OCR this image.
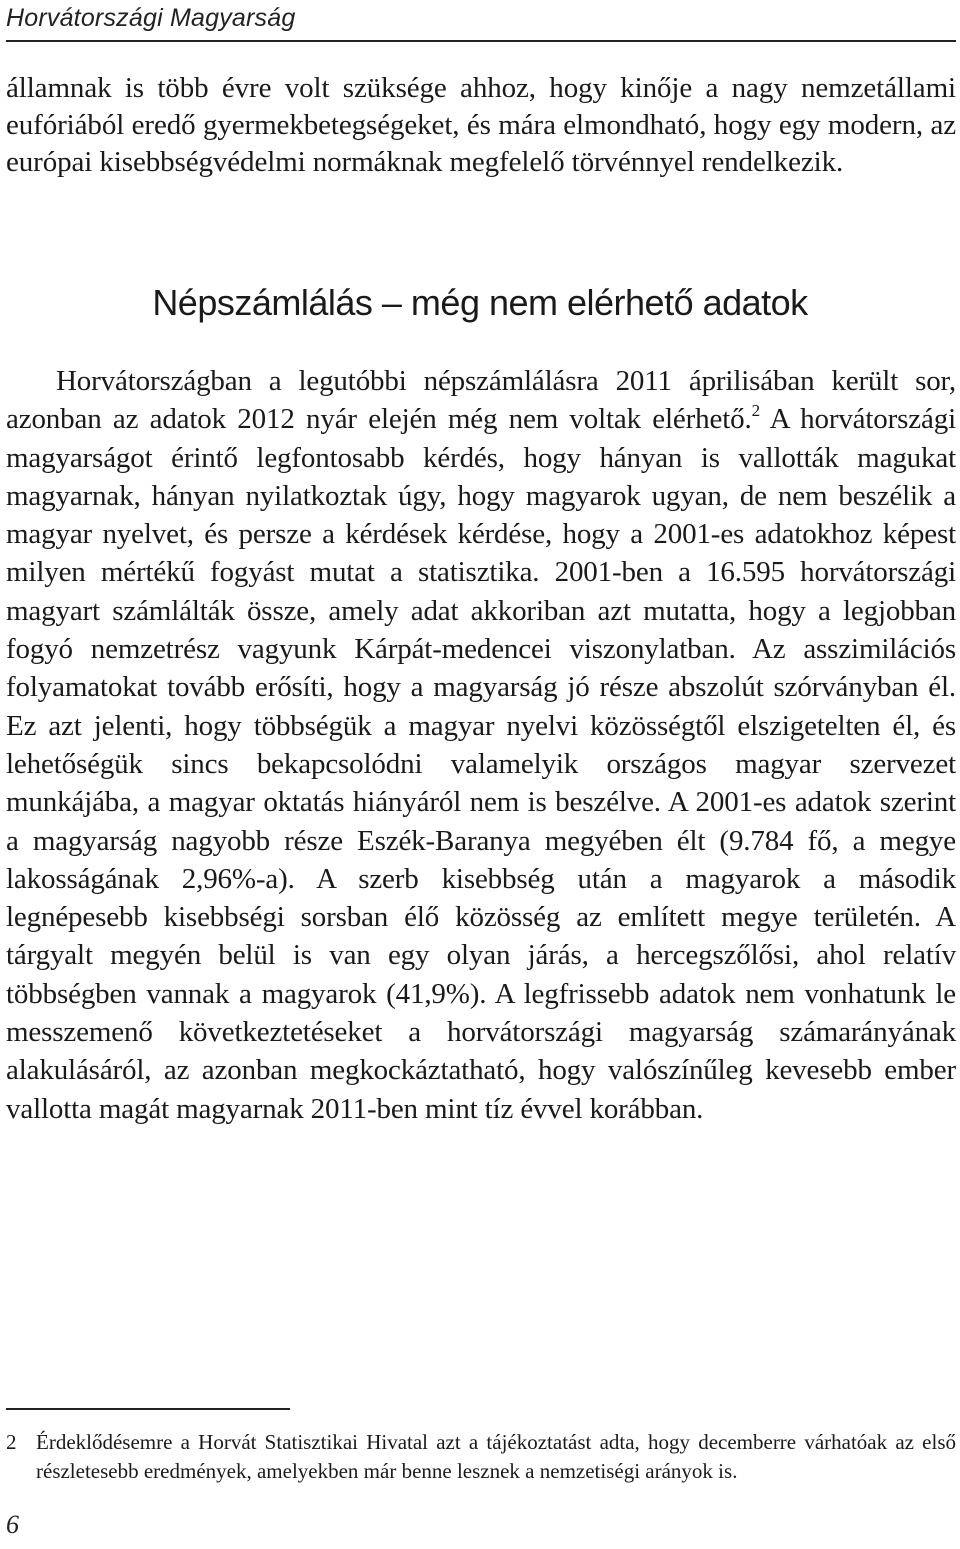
Horvátországi Magyarság

államnak is több évre volt szüksége ahhoz, hogy kinője a nagy nemzetállami eufóriából eredő gyermekbetegségeket, és mára elmondható, hogy egy modern, az európai kisebbségvédelmi normáknak megfelelő törvénnyel rendelkezik.

Népszámlálás – még nem elérhető adatok

Horvátországban a legutóbbi népszámlálásra 2011 áprilisában került sor, azonban az adatok 2012 nyár elején még nem voltak elérhető.$^2$ A horvátországi magyarságot érintő legfontosabb kérdés, hogy hányan is vallották magukat magyarnak, hányan nyilatkoztak úgy, hogy magyarok ugyan, de nem beszélik a magyar nyelvet, és persze a kérdések kérdése, hogy a 2001-es adatokhoz képest milyen mértékű fogyást mutat a statisztika. 2001-ben a 16.595 horvátországi magyart számlálták össze, amely adat akkoriban azt mutatta, hogy a legjobban fogyó nemzetrész vagyunk Kárpát-medencei viszonylatban. Az asszimilációs folyamatokat tovább erősíti, hogy a magyarság jó része abszolút szórványban él. Ez azt jelenti, hogy többségük a magyar nyelvi közösségtől elszigetelten él, és lehetőségük sincs bekapcsolódni valamelyik országos magyar szervezet munkájába, a magyar oktatás hiányáról nem is beszélve. A 2001-es adatok szerint a magyarság nagyobb része Eszék-Baranya megyében élt (9.784 fő, a megye lakosságának 2,96%-a). A szerb kisebbség után a magyarok a második legnépesebb kisebbségi sorsban élő közösség az említett megye területén. A tárgyalt megyén belül is van egy olyan járás, a hercegszőlősi, ahol relatív többségben vannak a magyarok (41,9%). A legfrissebb adatok nem vonhatunk le messzemenő következtetéseket a horvátországi magyarság számarányának alakulásáról, az azonban megkockáztatható, hogy valószínűleg kevesebb ember vallotta magát magyarnak 2011-ben mint tíz évvel korábban.

2 Érdeklődésemre a Horvát Statisztikai Hivatal azt a tájékoztatást adta, hogy decemberre várhatóak az első részletesebb eredmények, amelyekben már benne lesznek a nemzetiségi arányok is.
6
